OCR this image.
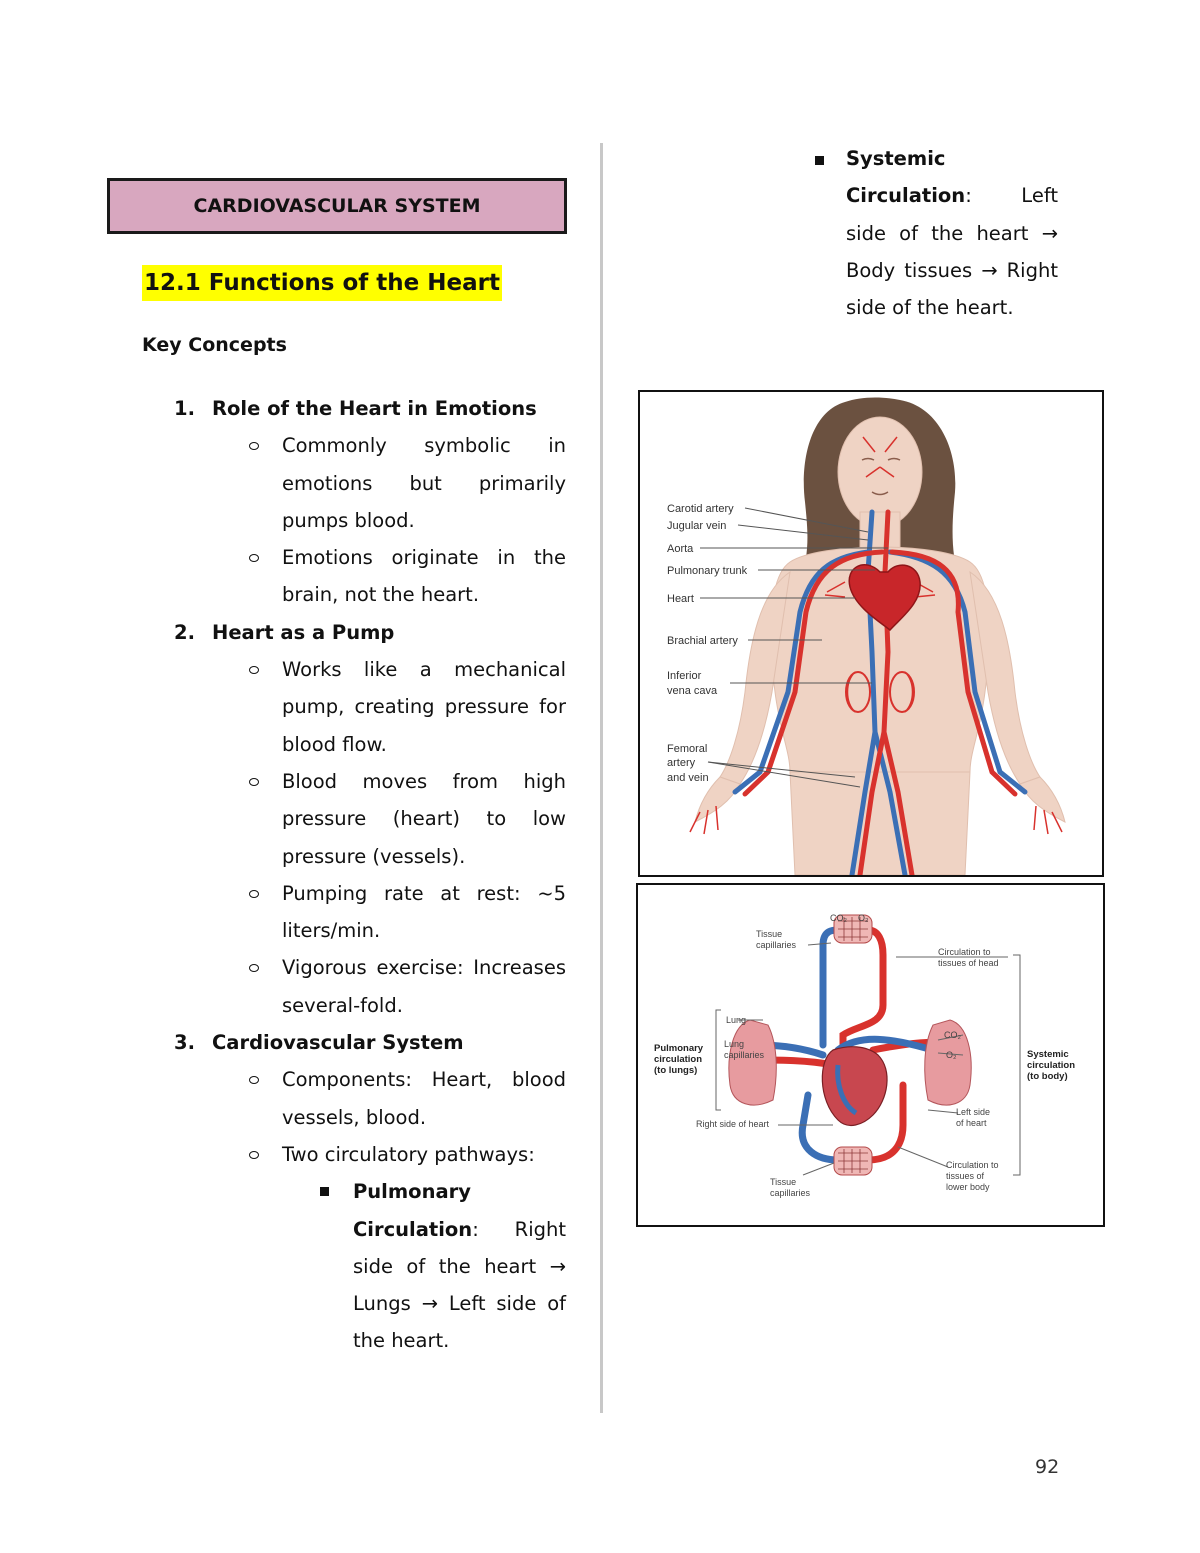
CARDIOVASCULAR SYSTEM
12.1 Functions of the Heart
Key Concepts

1. Role of the Heart in Emotions

Commonly symbolic in emotions but primarily pumps blood.

Emotions originate in the brain, not the heart.

2. Heart as a Pump

Works like a mechanical pump, creating pressure for blood flow.

Blood moves from high pressure (heart) to low pressure (vessels).

Pumping rate at rest: ~5 liters/min.

Vigorous exercise: Increases several-fold.

3. Cardiovascular System

Components: Heart, blood vessels, blood.

Two circulatory pathways:

Pulmonary Circulation: Right side of the heart → Lungs → Left side of the heart.

Systemic Circulation: Left side of the heart → Body tissues → Right side of the heart.
Carotid artery
Jugular vein
Aorta
Pulmonary trunk
Heart
Brachial artery
Inferior
vena cava
Femoral
artery
and vein
Tissue
capillaries
CO₂ O₂
Circulation to
tissues of head
Lung
Lung
capillaries
Pulmonary
circulation
(to lungs)
CO₂
O₂	Systemic
circulation
(to body)
Right side of heart
Left side
of heart
Tissue
capillaries
Circulation to
tissues of
lower body
92
